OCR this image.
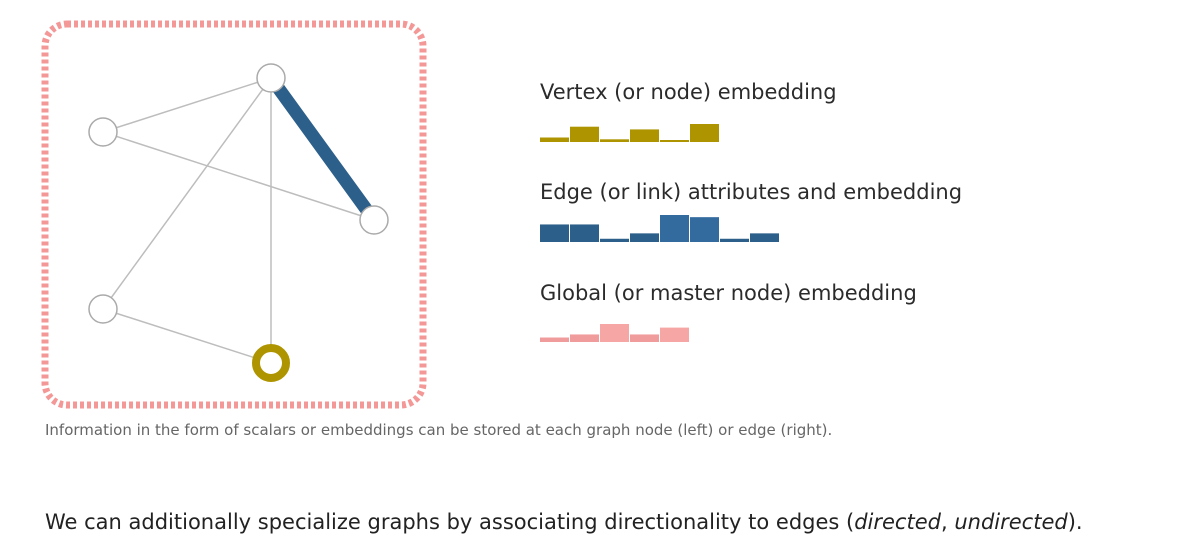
Vertex (or node) embedding

Edge (or link) attributes and embedding

Global (or master node) embedding

Information in the form of scalars or embeddings can be stored at each graph node (left) or edge (right).
We can additionally specialize graphs by associating directionality to edges (directed, undirected).
